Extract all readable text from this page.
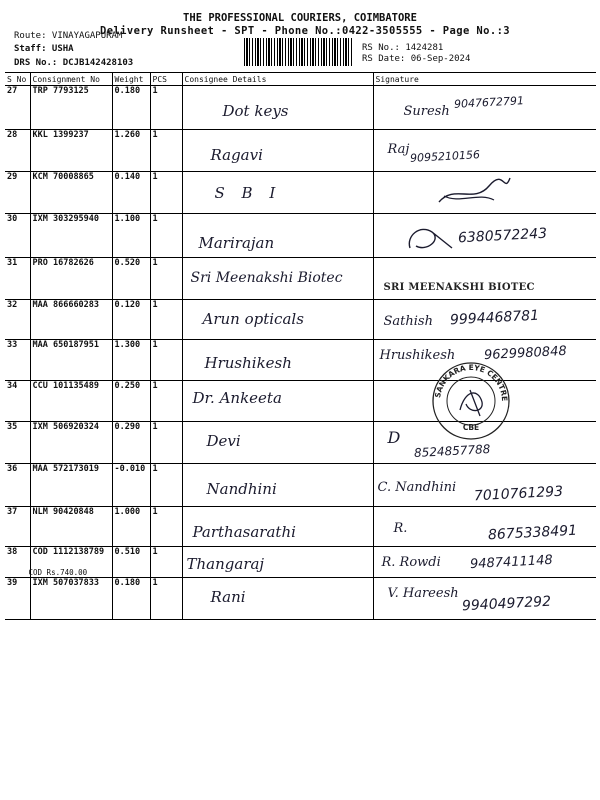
THE PROFESSIONAL COURIERS, COIMBATORE
Delivery Runsheet - SPT - Phone No.:0422-3505555 - Page No.:3
Route: VINAYAGAPURAM
Staff: USHA
DRS No.: DCJB142428103
RS No.: 1424281
RS Date: 06-Sep-2024
S No	Consignment No	Weight	PCS	Consignee Details	Signature
27	TRP 7793125	0.180	1	Dot keys	Suresh
9047672791

28	KKL 1399237	1.260	1	Ragavi	Raj 9095210156

29	KCM 70008865	0.140	1	S B I

30	IXM 303295940	1.100	1	Marirajan	6380572243

31	PRO 16782626	0.520	1	Sri Meenakshi Biotec	SRI MEENAKSHI BIOTEC

32	MAA 866660283	0.120	1	Arun opticals	Sathish 9994468781

33	MAA 650187951	1.300	1	Hrushikesh	Hrushikesh 9629980848

34	CCU 101135489	0.250	1	Dr. Ankeeta	

35	IXM 506920324	0.290	1	Devi	D
8524857788

36	MAA 572173019	-0.010	1	Nandhini	C. Nandhini 7010761293

37	NLM 90420848	1.000	1	Parthasarathi	R. 8675338491

38	COD 1112138789
COD Rs.740.00	0.510	1	Thangaraj	R. Rowdi 9487411148

39	IXM 507037833	0.180	1	Rani	V. Hareesh
9940497292
SANKARA EYE CENTRE
CBE
